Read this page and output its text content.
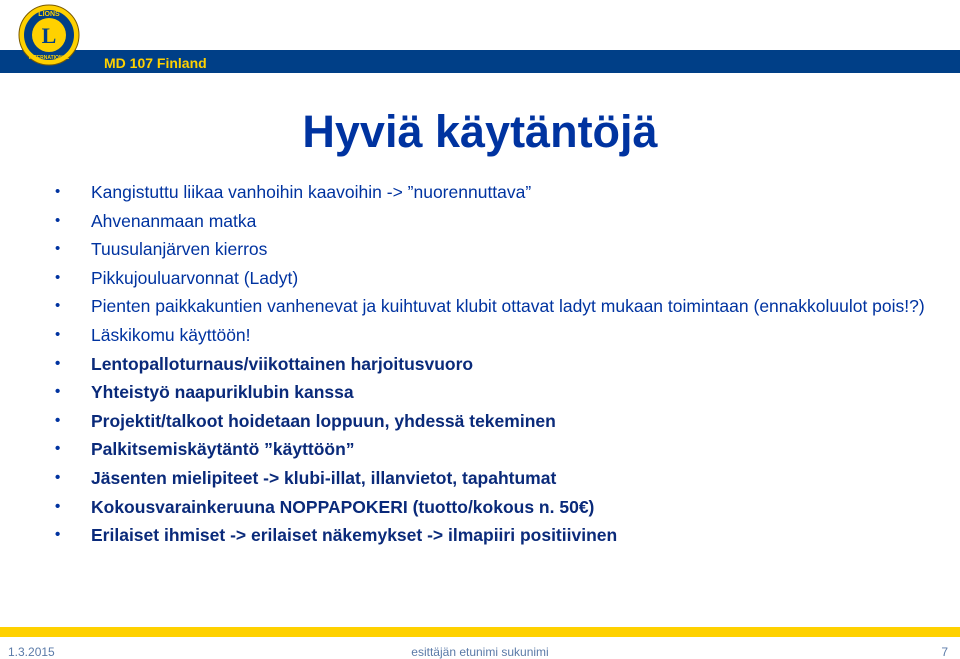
L
LIONS
INTERNATIONAL
Lions Clubs International
MD 107 Finland
Hyviä käytäntöjä
• Kangistuttu liikaa vanhoihin kaavoihin -> ”nuorennuttava”
• Ahvenanmaan matka
• Tuusulanjärven kierros
• Pikkujouluarvonnat (Ladyt)
• Pienten paikkakuntien vanhenevat ja kuihtuvat klubit ottavat ladyt mukaan toimintaan (ennakkoluulot pois!?)
• Läskikomu käyttöön!
• Lentopalloturnaus/viikottainen harjoitusvuoro
• Yhteistyö naapuriklubin kanssa
• Projektit/talkoot hoidetaan loppuun, yhdessä tekeminen
• Palkitsemiskäytäntö ”käyttöön”
• Jäsenten mielipiteet -> klubi-illat, illanvietot, tapahtumat
• Kokousvarainkeruuna NOPPAPOKERI (tuotto/kokous n. 50€)
• Erilaiset ihmiset -> erilaiset näkemykset -> ilmapiiri positiivinen
1.3.2015	esittäjän etunimi sukunimi	7
